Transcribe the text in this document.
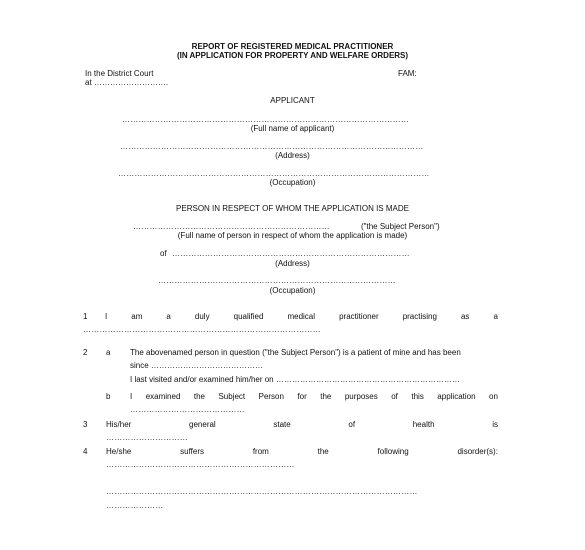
REPORT OF REGISTERED MEDICAL PRACTITIONER
(IN APPLICATION FOR PROPERTY AND WELFARE ORDERS)
In the District Court
at ……………………….
FAM:
APPLICANT
……………………………………………………………………………………………
(Full name of applicant)
…………………………………………………………………………………………………
(Address)
……………………………………………………………………………………………………
(Occupation)
PERSON IN RESPECT OF WHOM THE APPLICATION IS MADE
………………………………………………………………	("the Subject Person")
(Full name of person in respect of whom the application is made)
of ……………………………………………………………………………
(Address)
……………………………………………………………………………
(Occupation)
1 I	am	a	duly	qualified	medical	practitioner	practising	as	a
……………………………………………………………………………
2 a The abovenamed person in question ("the Subject Person") is a patient of mine and has been
since ……………………………………
I last visited and/or examined him/her on ……………………………………………………………
b I examined the Subject Person for the purposes of this application on
……………………………………
3 His/her	general	state	of	health	is
…………………………
4 He/she	suffers	from	the	following	disorder(s):
……………………………………………………………
……………………………………………………………………………………………………
…………………
